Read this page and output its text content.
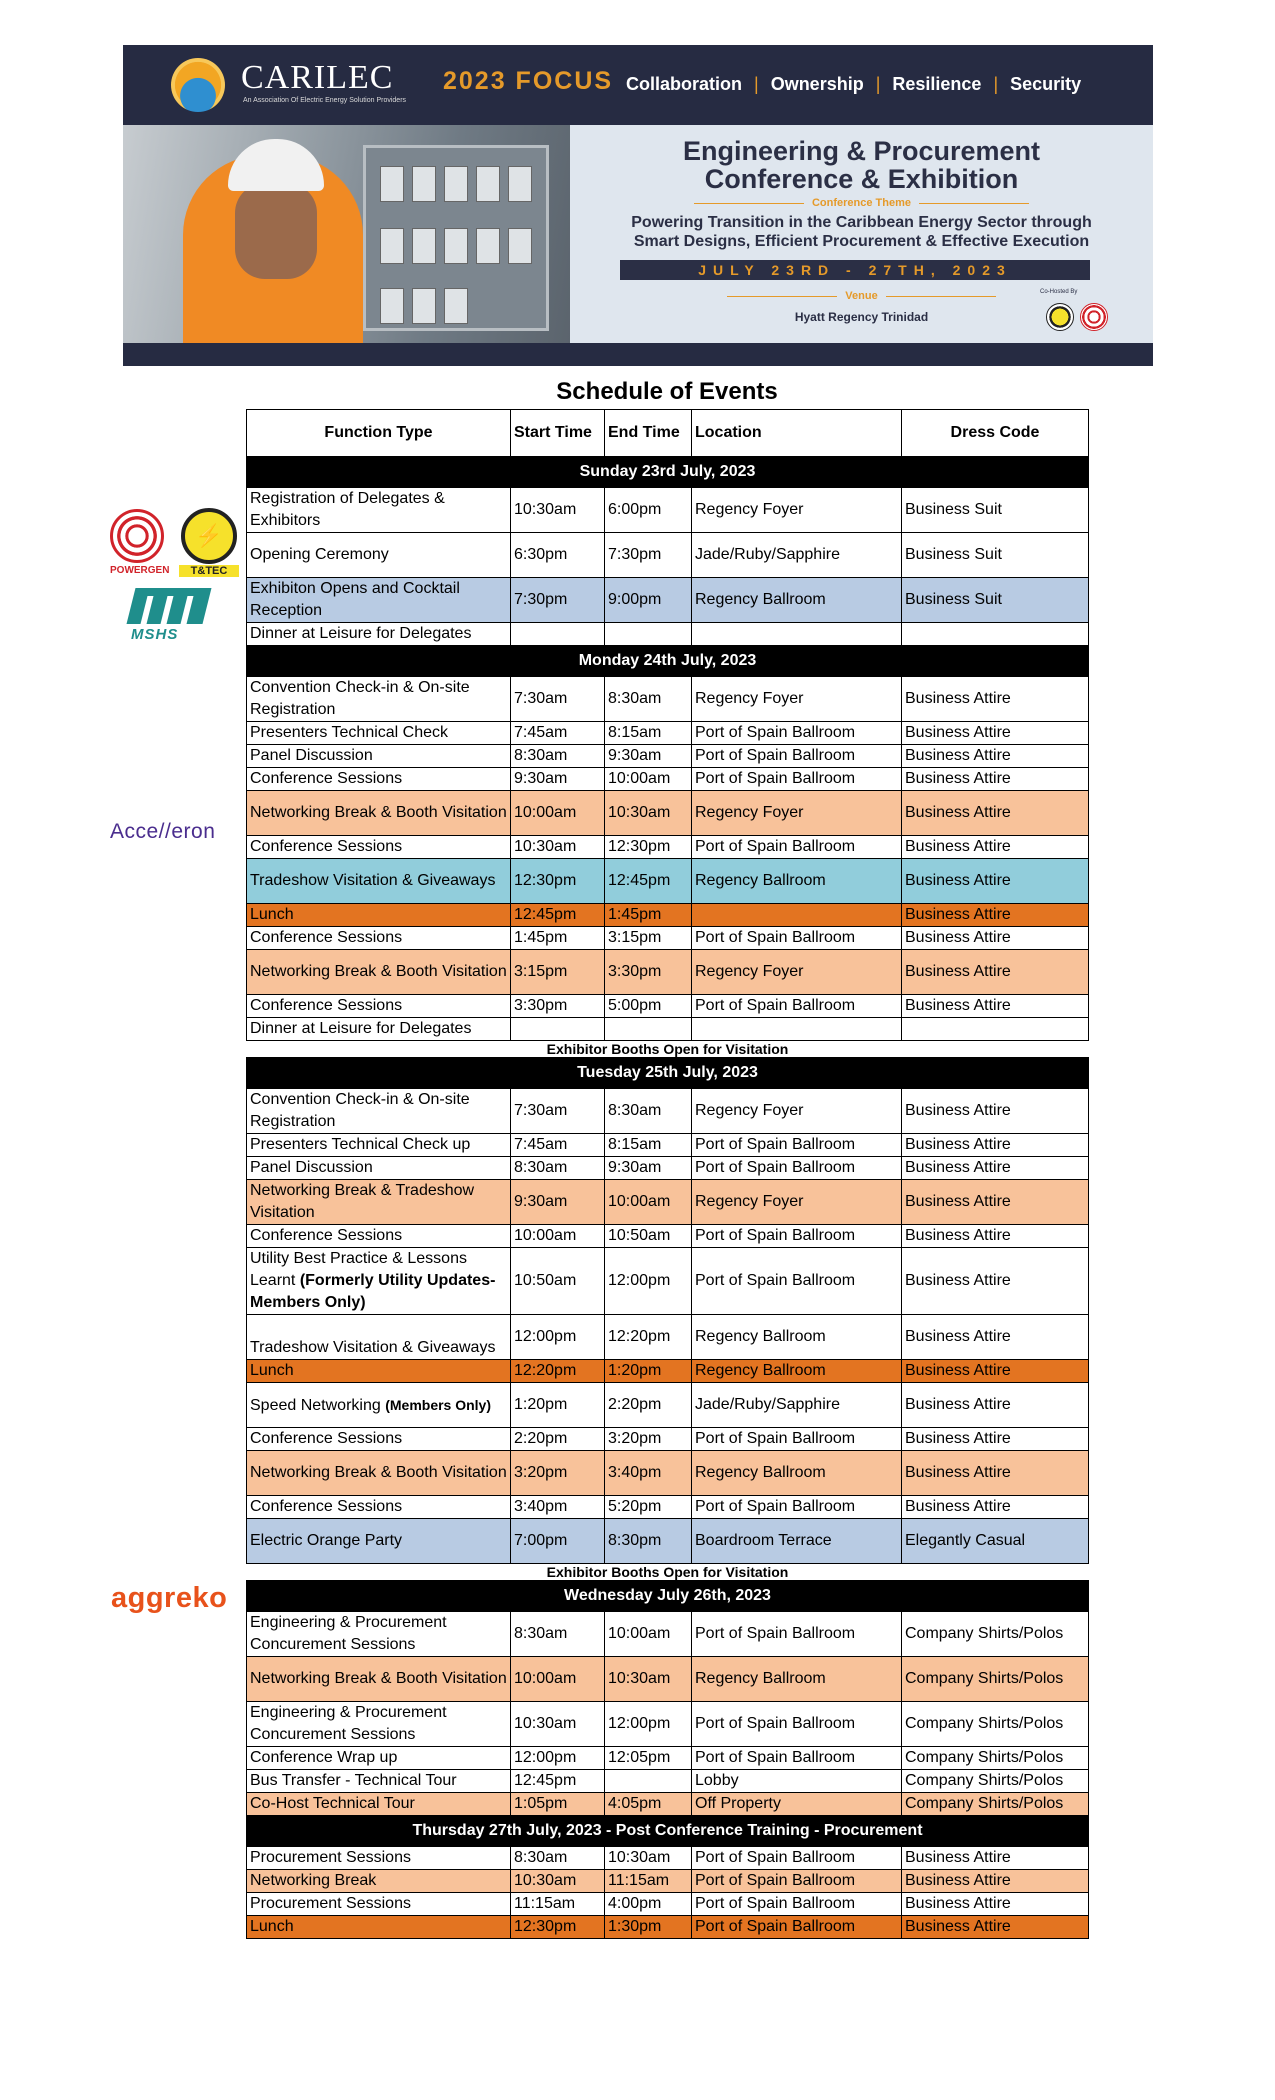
CARILEC
An Association Of Electric Energy Solution Providers
2023 FOCUS Collaboration | Ownership | Resilience | Security
Engineering & Procurement
Conference & Exhibition
Conference Theme
Powering Transition in the Caribbean Energy Sector through
Smart Designs, Efficient Procurement & Effective Execution
JULY 23RD - 27TH, 2023
Venue
Hyatt Regency Trinidad
Co-Hosted By
POWERGEN
⚡
T&TEC
MSHS
Acce//eron
aggreko
Schedule of Events
Function Type	Start Time	End Time	Location	Dress Code
Sunday 23rd July, 2023				
Registration of Delegates & Exhibitors	10:30am	6:00pm	Regency Foyer	Business Suit
Opening Ceremony	6:30pm	7:30pm	Jade/Ruby/Sapphire	Business Suit
Exhibiton Opens and Cocktail Reception	7:30pm	9:00pm	Regency Ballroom	Business Suit
Dinner at Leisure for Delegates				
Monday 24th July, 2023				
Convention Check-in & On-site Registration	7:30am	8:30am	Regency Foyer	Business Attire
Presenters Technical Check	7:45am	8:15am	Port of Spain Ballroom	Business Attire
Panel Discussion	8:30am	9:30am	Port of Spain Ballroom	Business Attire
Conference Sessions	9:30am	10:00am	Port of Spain Ballroom	Business Attire
Networking Break & Booth Visitation	10:00am	10:30am	Regency Foyer	Business Attire
Conference Sessions	10:30am	12:30pm	Port of Spain Ballroom	Business Attire
Tradeshow Visitation & Giveaways	12:30pm	12:45pm	Regency Ballroom	Business Attire
Lunch	12:45pm	1:45pm		Business Attire
Conference Sessions	1:45pm	3:15pm	Port of Spain Ballroom	Business Attire
Networking Break & Booth Visitation	3:15pm	3:30pm	Regency Foyer	Business Attire
Conference Sessions	3:30pm	5:00pm	Port of Spain Ballroom	Business Attire
Dinner at Leisure for Delegates				
Exhibitor Booths Open for Visitation				
Tuesday 25th July, 2023				
Convention Check-in & On-site Registration	7:30am	8:30am	Regency Foyer	Business Attire
Presenters Technical Check up	7:45am	8:15am	Port of Spain Ballroom	Business Attire
Panel Discussion	8:30am	9:30am	Port of Spain Ballroom	Business Attire
Networking Break & Tradeshow Visitation	9:30am	10:00am	Regency Foyer	Business Attire
Conference Sessions	10:00am	10:50am	Port of Spain Ballroom	Business Attire
Utility Best Practice & Lessons Learnt (Formerly Utility Updates-Members Only)	10:50am	12:00pm	Port of Spain Ballroom	Business Attire
Tradeshow Visitation & Giveaways	12:00pm	12:20pm	Regency Ballroom	Business Attire
Lunch	12:20pm	1:20pm	Regency Ballroom	Business Attire
Speed Networking (Members Only)	1:20pm	2:20pm	Jade/Ruby/Sapphire	Business Attire
Conference Sessions	2:20pm	3:20pm	Port of Spain Ballroom	Business Attire
Networking Break & Booth Visitation	3:20pm	3:40pm	Regency Ballroom	Business Attire
Conference Sessions	3:40pm	5:20pm	Port of Spain Ballroom	Business Attire
Electric Orange Party	7:00pm	8:30pm	Boardroom Terrace	Elegantly Casual
Exhibitor Booths Open for Visitation				
Wednesday July 26th, 2023				
Engineering & Procurement Concurement Sessions	8:30am	10:00am	Port of Spain Ballroom	Company Shirts/Polos
Networking Break & Booth Visitation	10:00am	10:30am	Regency Ballroom	Company Shirts/Polos
Engineering & Procurement Concurement Sessions	10:30am	12:00pm	Port of Spain Ballroom	Company Shirts/Polos
Conference Wrap up	12:00pm	12:05pm	Port of Spain Ballroom	Company Shirts/Polos
Bus Transfer - Technical Tour	12:45pm		Lobby	Company Shirts/Polos
Co-Host Technical Tour	1:05pm	4:05pm	Off Property	Company Shirts/Polos
Thursday 27th July, 2023 - Post Conference Training - Procurement				
Procurement Sessions	8:30am	10:30am	Port of Spain Ballroom	Business Attire
Networking Break	10:30am	11:15am	Port of Spain Ballroom	Business Attire
Procurement Sessions	11:15am	4:00pm	Port of Spain Ballroom	Business Attire
Lunch	12:30pm	1:30pm	Port of Spain Ballroom	Business Attire
